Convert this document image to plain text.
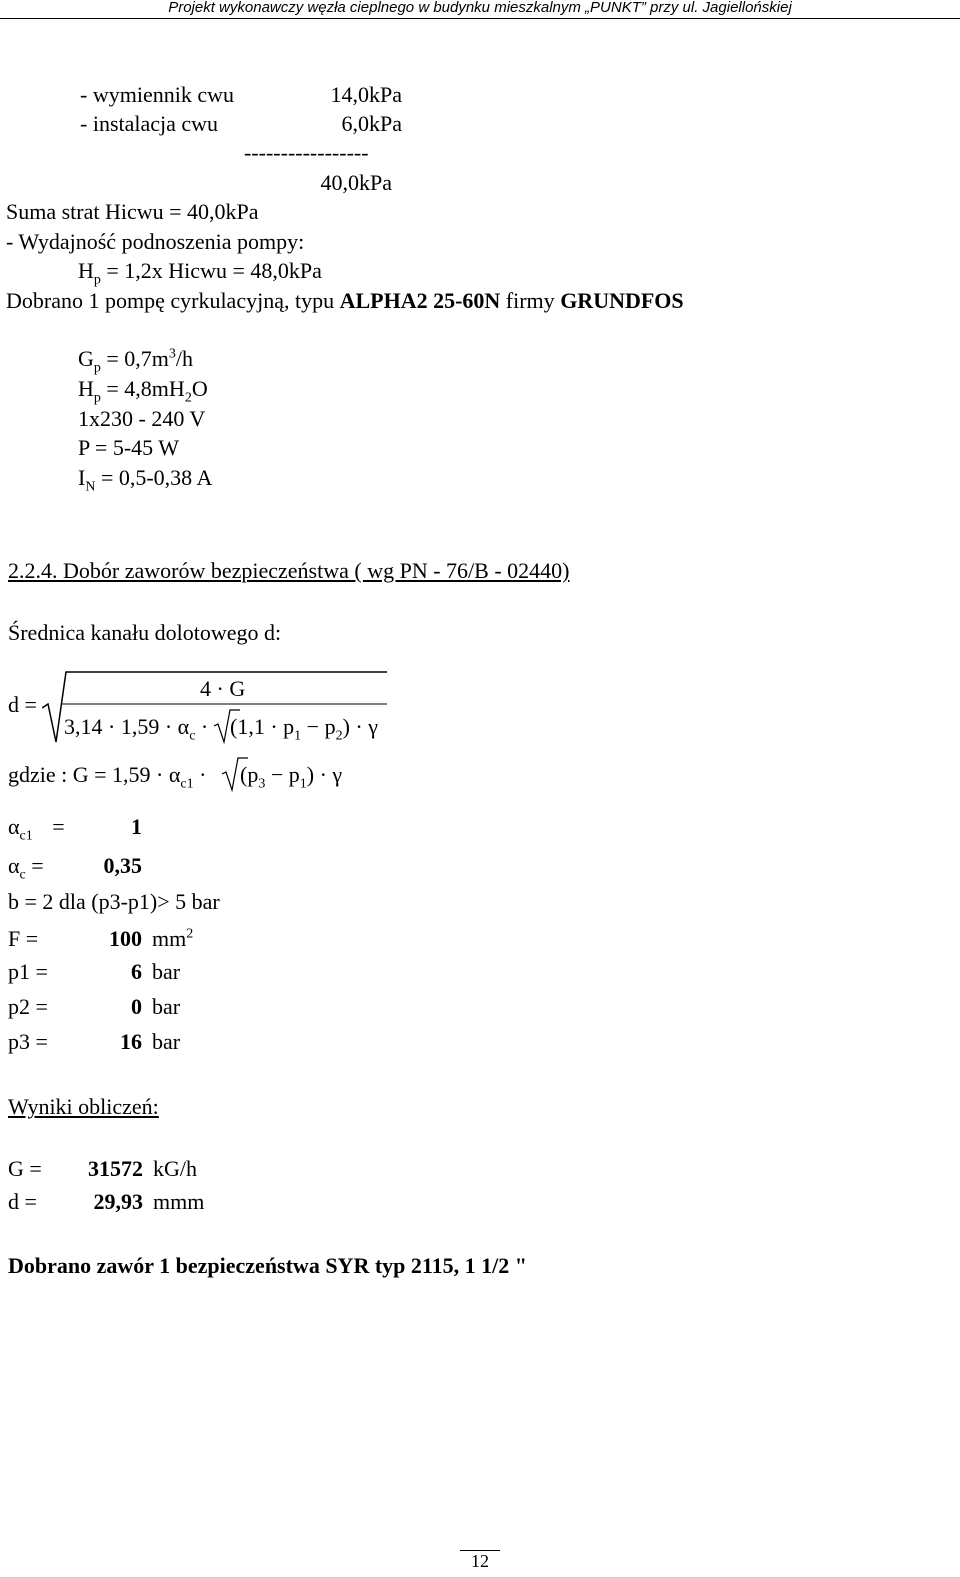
Projekt wykonawczy węzła cieplnego w budynku mieszkalnym „PUNKT” przy ul. Jagiellońskiej
- wymiennik cwu	14,0kPa
- instalacja cwu	6,0kPa
-----------------
40,0kPa
Suma strat Hicwu = 40,0kPa
- Wydajność podnoszenia pompy:
$H_p = 1,2x$ Hicwu = 48,0kPa
Dobrano 1 pompę cyrkulacyjną, typu ALPHA2 25-60N firmy GRUNDFOS
$G_p = 0,7m^3/h$
$H_p = 4,8mH_2O$
1x230 - 240 V
P = 5-45 W
$I_N = 0,5-0,38$ A
2.2.4. Dobór zaworów bezpieczeństwa ( wg PN - 76/B - 02440)
Średnica kanału dolotowego d:
d =
4 · G
$3,14 \cdot 1,59 \cdot \alpha_c \cdot (1,1 \cdot p_1 - p_2) \cdot \gamma$
gdzie : $G = 1,59 \cdot \alpha_{c1} \cdot (p_3 - p_1) \cdot \gamma$
$\alpha_{c1}$ =	1
$\alpha_c$ =	0,35
b = 2 dla (p3-p1)> 5 bar
F =	100 $mm^2$
p1 =	6 bar
p2 =	0 bar
p3 =	16 bar
Wyniki obliczeń:
G =	31572 kG/h
d =	29,93 mmm
Dobrano zawór 1 bezpieczeństwa SYR typ 2115, 1 1/2 "
12
